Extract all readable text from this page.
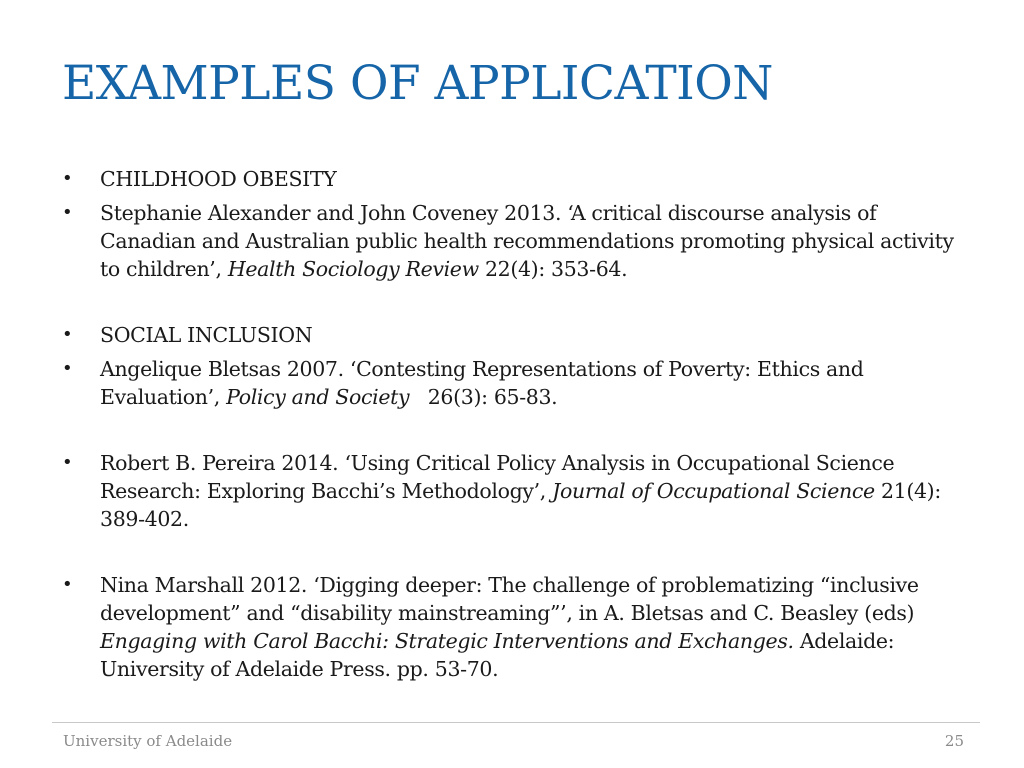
EXAMPLES OF APPLICATION
• CHILDHOOD OBESITY
• Stephanie Alexander and John Coveney 2013. ‘A critical discourse analysis of Canadian and Australian public health recommendations promoting physical activity to children’, Health Sociology Review 22(4): 353-64.
• SOCIAL INCLUSION
• Angelique Bletsas 2007. ‘Contesting Representations of Poverty: Ethics and Evaluation’, Policy and Society   26(3): 65-83.
• Robert B. Pereira 2014. ‘Using Critical Policy Analysis in Occupational Science Research: Exploring Bacchi’s Methodology’, Journal of Occupational Science 21(4): 389-402.
• Nina Marshall 2012. ‘Digging deeper: The challenge of problematizing “inclusive development” and “disability mainstreaming”’, in A. Bletsas and C. Beasley (eds) Engaging with Carol Bacchi: Strategic Interventions and Exchanges. Adelaide: University of Adelaide Press. pp. 53-70.
University of Adelaide	25
